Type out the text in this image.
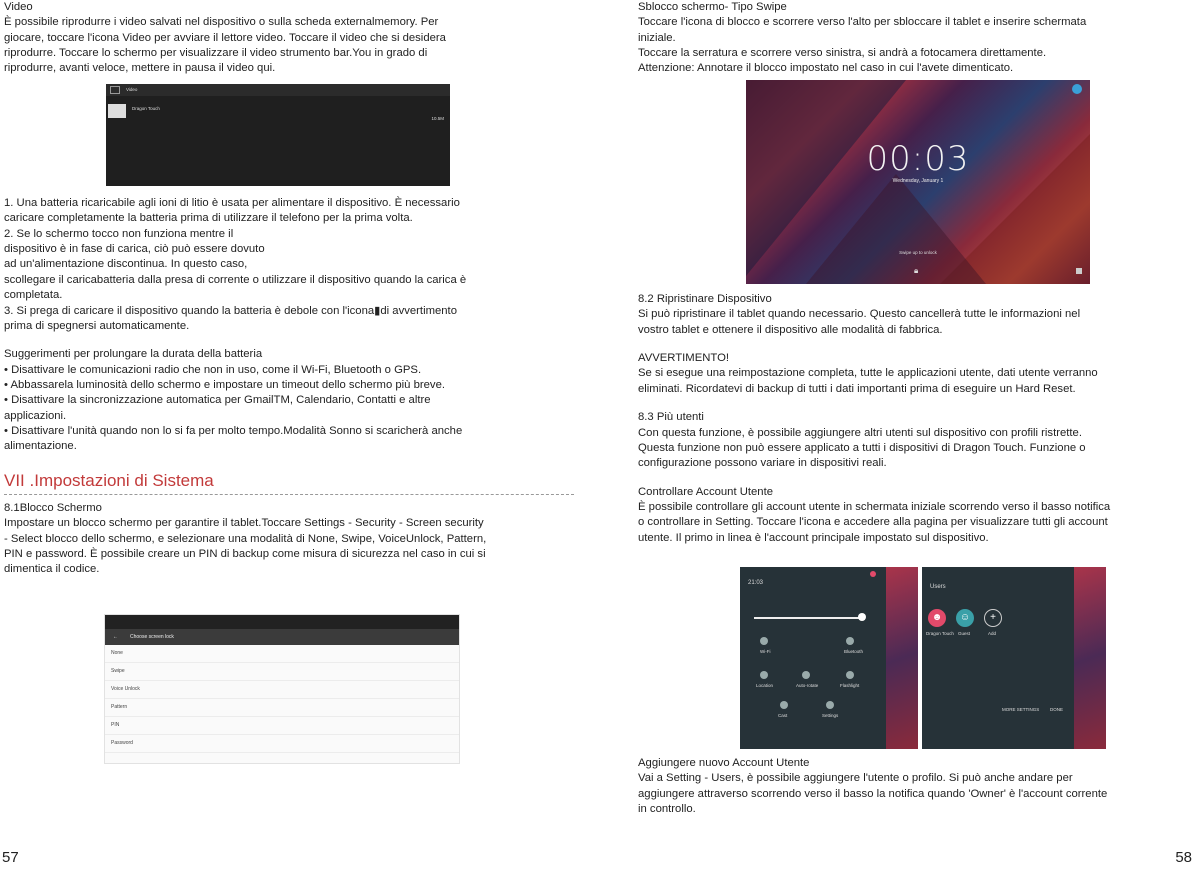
Video

È possibile riprodurre i video salvati nel dispositivo o sulla scheda externalmemory. Per

giocare, toccare l'icona Video per avviare il lettore video. Toccare il video che si desidera

riprodurre. Toccare lo schermo per visualizzare il video strumento bar.You in grado di

riprodurre, avanti veloce, mettere in pausa il video qui.

Video
Dragon Touch
10.5M

1. Una batteria ricaricabile agli ioni di litio è usata per alimentare il dispositivo. È necessario

caricare completamente la batteria prima di utilizzare il telefono per la prima volta.

2. Se lo schermo tocco non funziona mentre il

dispositivo è in fase di carica, ciò può essere dovuto

ad un'alimentazione discontinua. In questo caso,

scollegare il caricabatteria dalla presa di corrente o utilizzare il dispositivo quando la carica è

completata.

3. Si prega di caricare il dispositivo quando la batteria è debole con l'icona▮di avvertimento

prima di spegnersi automaticamente.

Suggerimenti per prolungare la durata della batteria

• Disattivare le comunicazioni radio che non in uso, come il Wi-Fi, Bluetooth o GPS.

• Abbassarela luminosità dello schermo e impostare un timeout dello schermo più breve.

• Disattivare la sincronizzazione automatica per GmailTM, Calendario, Contatti e altre

applicazioni.

• Disattivare l'unità quando non lo si fa per molto tempo.Modalità Sonno si scaricherà anche

alimentazione.

VII .Impostazioni di Sistema

8.1Blocco Schermo

Impostare un blocco schermo per garantire il tablet.Toccare Settings - Security - Screen security

- Select blocco dello schermo, e selezionare una modalità di None, Swipe, VoiceUnlock, Pattern,

PIN e password. È possibile creare un PIN di backup come misura di sicurezza nel caso in cui si

dimentica il codice.

← Choose screen lock
None
Swipe
Voice Unlock
Pattern
PIN
Password
57

Sblocco schermo- Tipo Swipe

Toccare l'icona di blocco e scorrere verso l'alto per sbloccare il tablet e inserire schermata

iniziale.

Toccare la serratura e scorrere verso sinistra, si andrà a fotocamera direttamente.

Attenzione: Annotare il blocco impostato nel caso in cui l'avete dimenticato.

00:03
Wednesday, January 1
Swipe up to unlock
🔒︎

8.2 Ripristinare Dispositivo

Si può ripristinare il tablet quando necessario. Questo cancellerà tutte le informazioni nel

vostro tablet e ottenere il dispositivo alle modalità di fabbrica.

AVVERTIMENTO!

Se si esegue una reimpostazione completa, tutte le applicazioni utente, dati utente verranno

eliminati. Ricordatevi di backup di tutti i dati importanti prima di eseguire un Hard Reset.

8.3 Più utenti

Con questa funzione, è possibile aggiungere altri utenti sul dispositivo con profili ristrette.

Questa funzione non può essere applicato a tutti i dispositivi di Dragon Touch. Funzione o

configurazione possono variare in dispositivi reali.

Controllare Account Utente

È possibile controllare gli account utente in schermata iniziale scorrendo verso il basso notifica

o controllare in Setting. Toccare l'icona e accedere alla pagina per visualizzare tutti gli account

utente. Il primo in linea è l'account principale impostato sul dispositivo.

21:03
Wi-Fi	Bluetooth
Location	Auto-rotate	Flashlight
Cast	Settings
Users
☻
Dragon Touch
☺
Guest
+
Add
MORE SETTINGS DONE

Aggiungere nuovo Account Utente

Vai a Setting - Users, è possibile aggiungere l'utente o profilo. Si può anche andare per

aggiungere attraverso scorrendo verso il basso la notifica quando 'Owner' è l'account corrente

in controllo.

58
